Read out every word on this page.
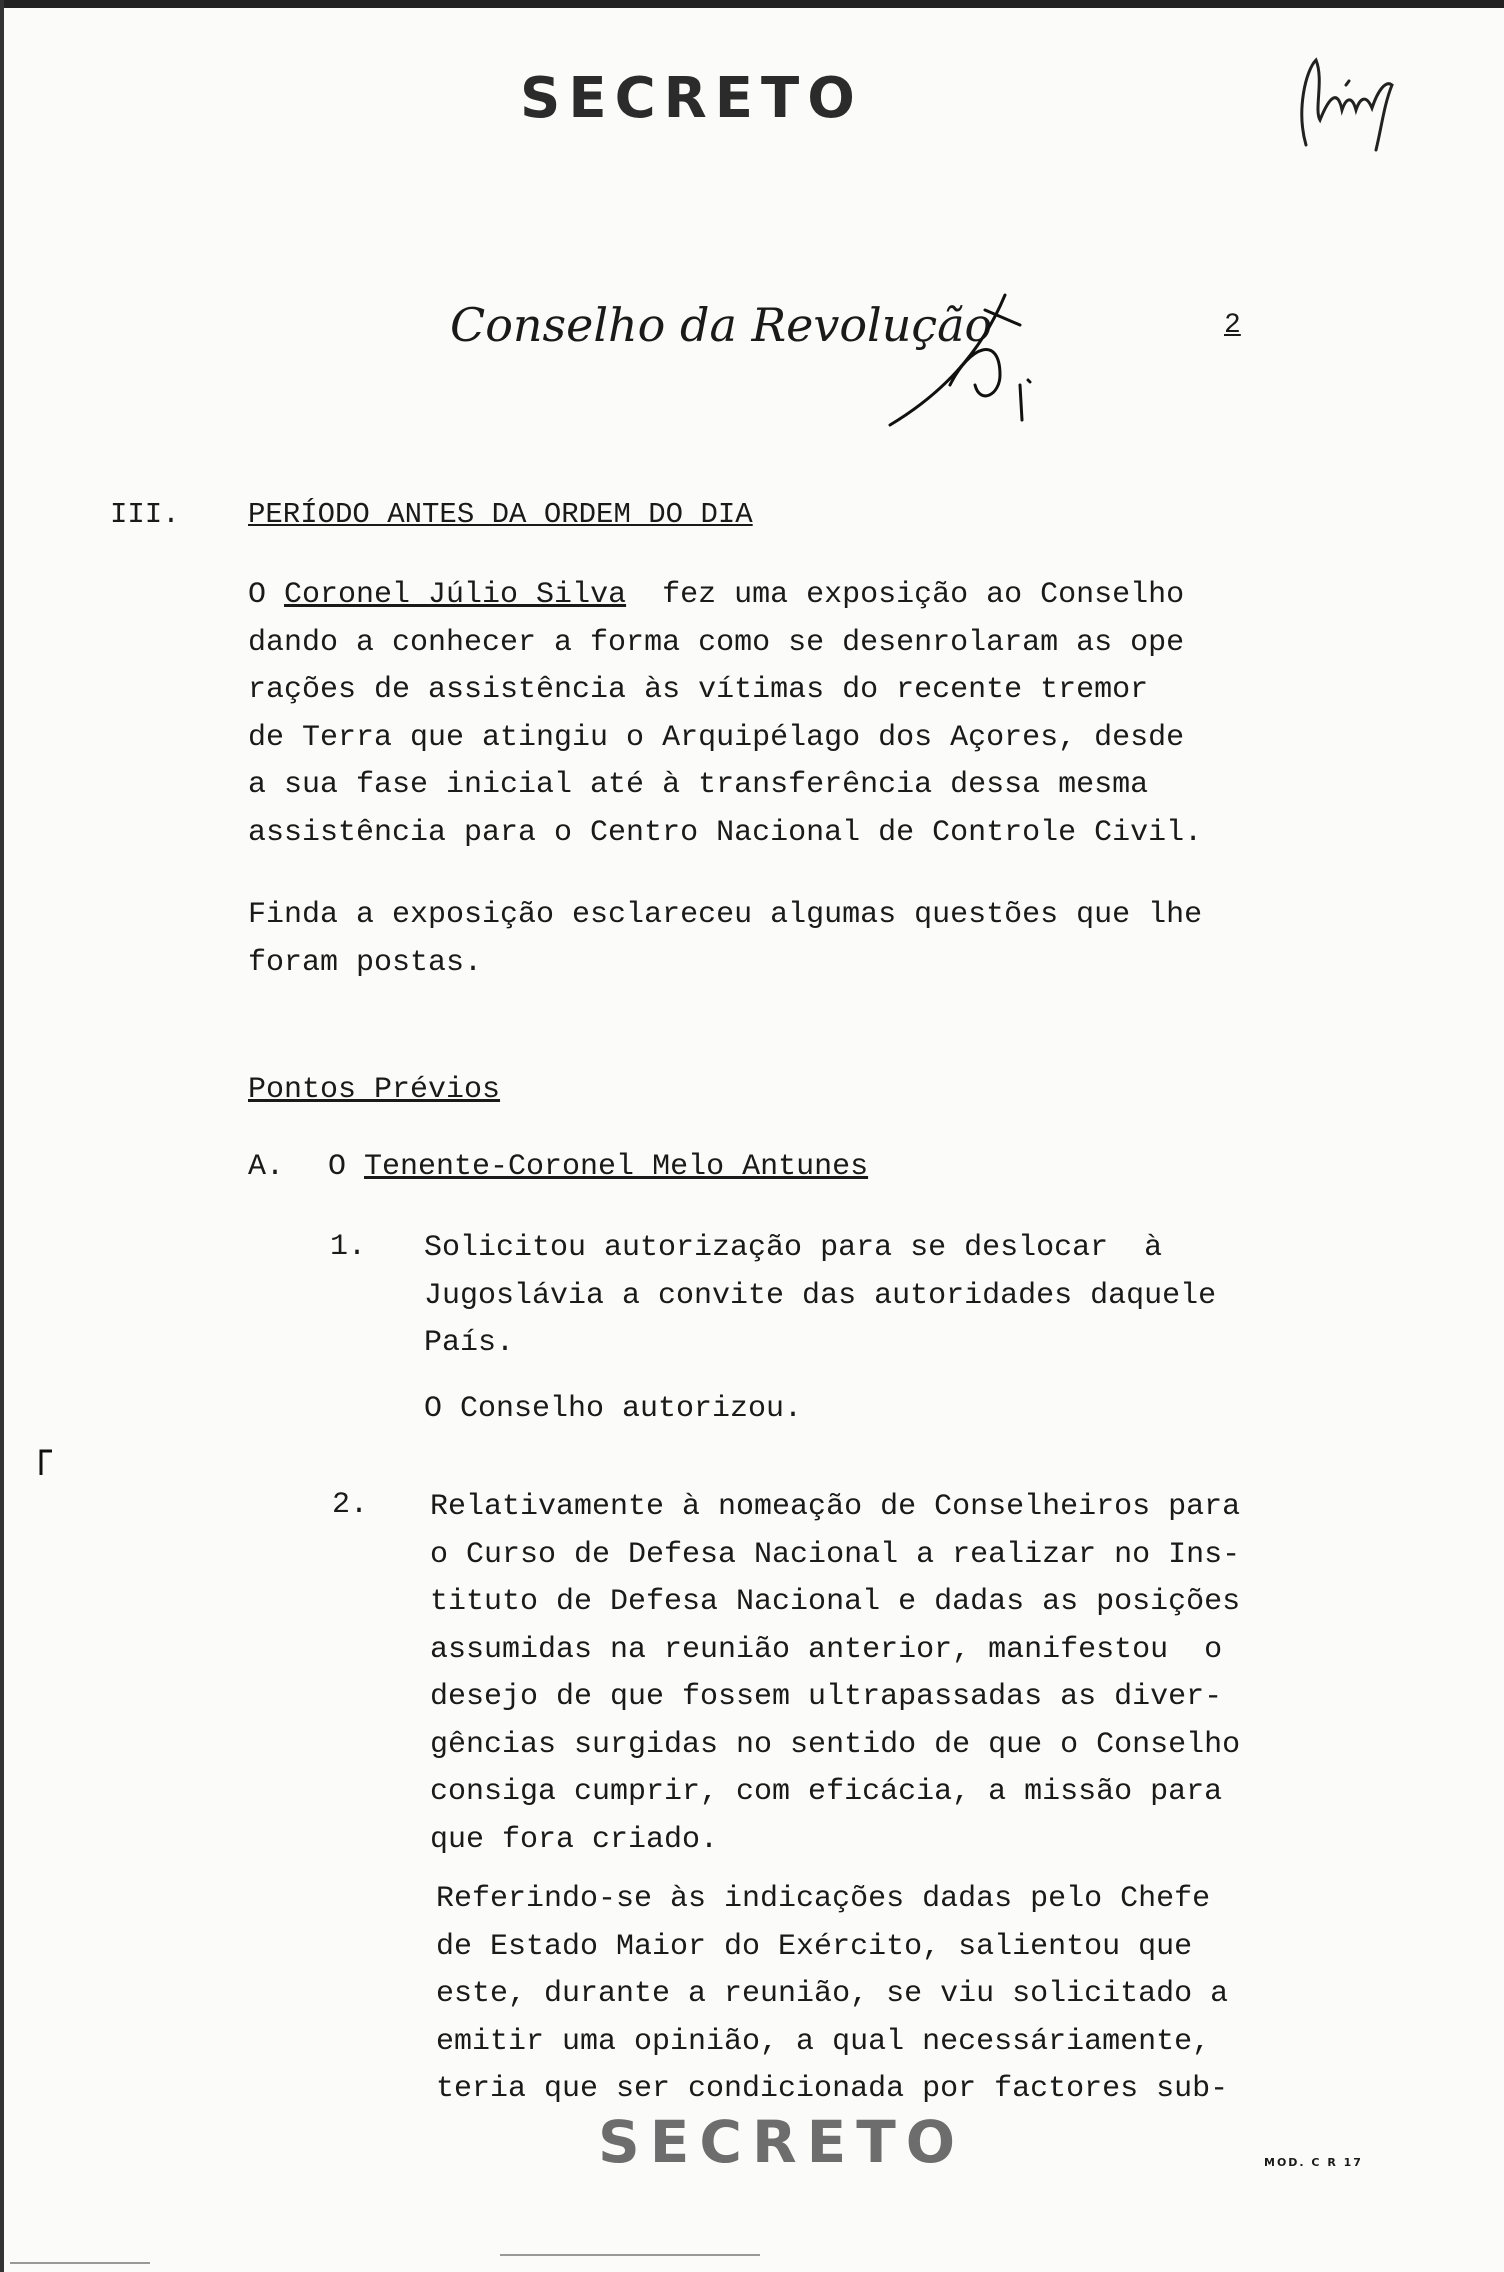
SECRETO
Conselho da Revolução	2
III. PERÍODO ANTES DA ORDEM DO DIA
O Coronel Júlio Silva  fez uma exposição ao Conselho
dando a conhecer a forma como se desenrolaram as ope
rações de assistência às vítimas do recente tremor
de Terra que atingiu o Arquipélago dos Açores, desde
a sua fase inicial até à transferência dessa mesma
assistência para o Centro Nacional de Controle Civil.
Finda a exposição esclareceu algumas questões que lhe
foram postas.
Pontos Prévios
A. O Tenente-Coronel Melo Antunes
1. Solicitou autorização para se deslocar  à
Jugoslávia a convite das autoridades daquele
País.
O Conselho autorizou.
2. Relativamente à nomeação de Conselheiros para
o Curso de Defesa Nacional a realizar no Ins-
tituto de Defesa Nacional e dadas as posições
assumidas na reunião anterior, manifestou  o
desejo de que fossem ultrapassadas as diver-
gências surgidas no sentido de que o Conselho
consiga cumprir, com eficácia, a missão para
que fora criado.
Referindo-se às indicações dadas pelo Chefe
de Estado Maior do Exército, salientou que
este, durante a reunião, se viu solicitado a
emitir uma opinião, a qual necessáriamente,
teria que ser condicionada por factores sub-
SECRETO	MOD. C R 17
